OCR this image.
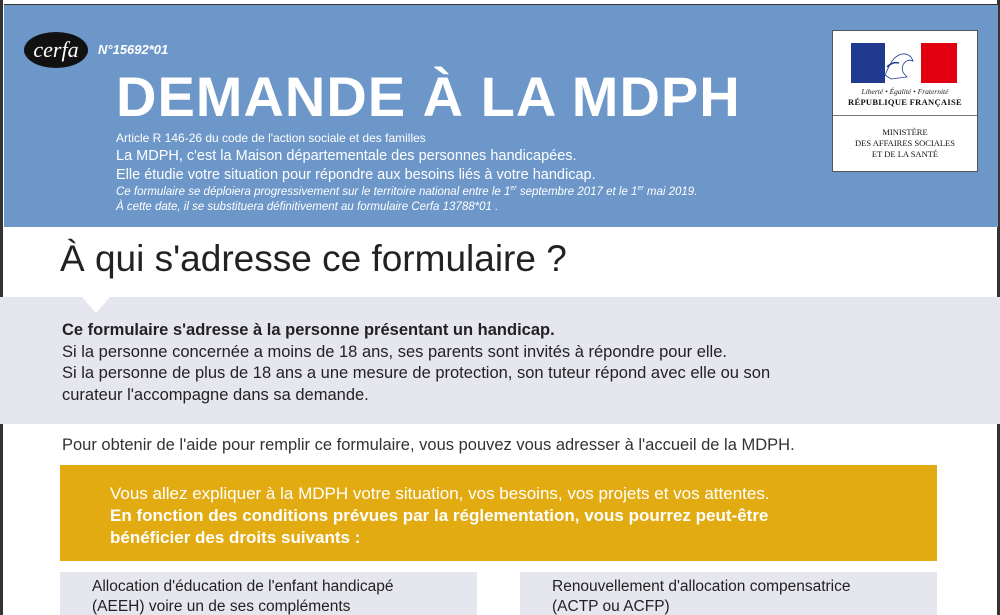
cerfa	N°15692*01
DEMANDE À LA MDPH
Article R 146-26 du code de l'action sociale et des familles
La MDPH, c'est la Maison départementale des personnes handicapées.
Elle étudie votre situation pour répondre aux besoins liés à votre handicap.
Ce formulaire se déploiera progressivement sur le territoire national entre le 1er septembre 2017 et le 1er mai 2019.
À cette date, il se substituera définitivement au formulaire Cerfa 13788*01 .
Liberté • Égalité • Fraternité
RÉPUBLIQUE FRANÇAISE
MINISTÈRE
DES AFFAIRES SOCIALES
ET DE LA SANTÉ
À qui s'adresse ce formulaire ?
Ce formulaire s'adresse à la personne présentant un handicap.
Si la personne concernée a moins de 18 ans, ses parents sont invités à répondre pour elle.
Si la personne de plus de 18 ans a une mesure de protection, son tuteur répond avec elle ou son
curateur l'accompagne dans sa demande.
Pour obtenir de l'aide pour remplir ce formulaire, vous pouvez vous adresser à l'accueil de la MDPH.
Vous allez expliquer à la MDPH votre situation, vos besoins, vos projets et vos attentes.
En fonction des conditions prévues par la réglementation, vous pourrez peut-être
bénéficier des droits suivants :
Allocation d'éducation de l'enfant handicapé
(AEEH) voire un de ses compléments
Renouvellement d'allocation compensatrice
(ACTP ou ACFP)
